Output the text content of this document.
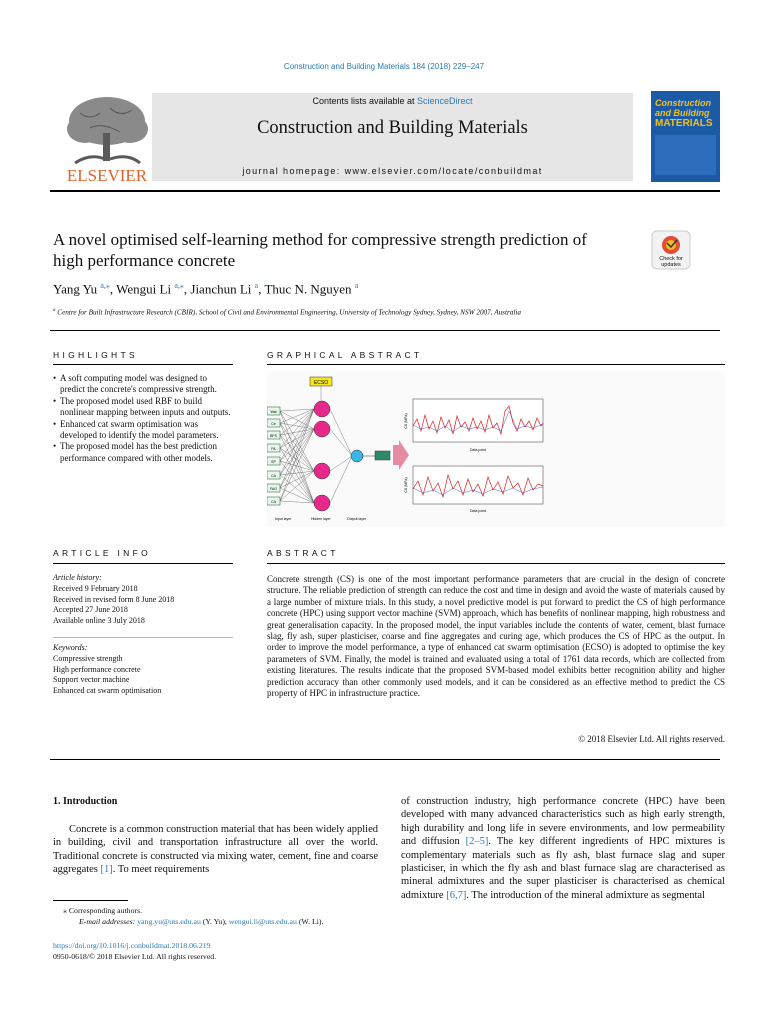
Construction and Building Materials 184 (2018) 229–247
ELSEVIER
Contents lists available at ScienceDirect
Construction and Building Materials
journal homepage: www.elsevier.com/locate/conbuildmat
Construction and Building
MATERIALS
A novel optimised self-learning method for compressive strength prediction of high performance concrete	Check for updates
Yang Yu $^{a,⁎}$, Wengui Li $^{a,⁎}$, Jianchun Li $^a$, Thuc N. Nguyen $^a$
$^a$ Centre for Built Infrastructure Research (CBIR), School of Civil and Environmental Engineering, University of Technology Sydney, Sydney, NSW 2007, Australia
HIGHLIGHTS
• A soft computing model was designed to predict the concrete's compressive strength.
• The proposed model used RBF to build nonlinear mapping between inputs and outputs.
• Enhanced cat swarm optimisation was developed to identify the model parameters.
• The proposed model has the best prediction performance compared with other models.
GRAPHICAL ABSTRACT
ECSO
Wat
Ce
BFS
FA
SP
CA
FAG
CA
Input layer	Hidden layer	Output layer
Data point
CS (MPa)
Data point
CS (MPa)
ARTICLE INFO
Article history:
Received 9 February 2018
Received in revised form 8 June 2018
Accepted 27 June 2018
Available online 3 July 2018
Keywords:
Compressive strength
High performance concrete
Support vector machine
Enhanced cat swarm optimisation
ABSTRACT
Concrete strength (CS) is one of the most important performance parameters that are crucial in the design of concrete structure. The reliable prediction of strength can reduce the cost and time in design and avoid the waste of materials caused by a large number of mixture trials. In this study, a novel predictive model is put forward to predict the CS of high performance concrete (HPC) using support vector machine (SVM) approach, which has benefits of nonlinear mapping, high robustness and great generalisation capacity. In the proposed model, the input variables include the contents of water, cement, blast furnace slag, fly ash, super plasticiser, coarse and fine aggregates and curing age, which produces the CS of HPC as the output. In order to improve the model performance, a type of enhanced cat swarm optimisation (ECSO) is adopted to optimise the key parameters of SVM. Finally, the model is trained and evaluated using a total of 1761 data records, which are collected from existing literatures. The results indicate that the proposed SVM-based model exhibits better recognition ability and higher prediction accuracy than other commonly used models, and it can be considered as an effective method to predict the CS property of HPC in infrastructure practice.
© 2018 Elsevier Ltd. All rights reserved.
1. Introduction
Concrete is a common construction material that has been widely applied in building, civil and transportation infrastructure all over the world. Traditional concrete is constructed via mixing water, cement, fine and coarse aggregates [1]. To meet requirements
of construction industry, high performance concrete (HPC) have been developed with many advanced characteristics such as high early strength, high durability and long life in severe environments, and low permeability and diffusion [2–5]. The key different ingredients of HPC mixtures is complementary materials such as fly ash, blast furnace slag and super plasticiser, in which the fly ash and blast furnace slag are characterised as mineral admixtures and the super plasticiser is characterised as chemical admixture [6,7]. The introduction of the mineral admixture as segmental
⁎ Corresponding authors.
E-mail addresses: yang.yu@uts.edu.au (Y. Yu), wengui.li@uts.edu.au (W. Li).
https://doi.org/10.1016/j.conbuildmat.2018.06.219
0950-0618/© 2018 Elsevier Ltd. All rights reserved.
